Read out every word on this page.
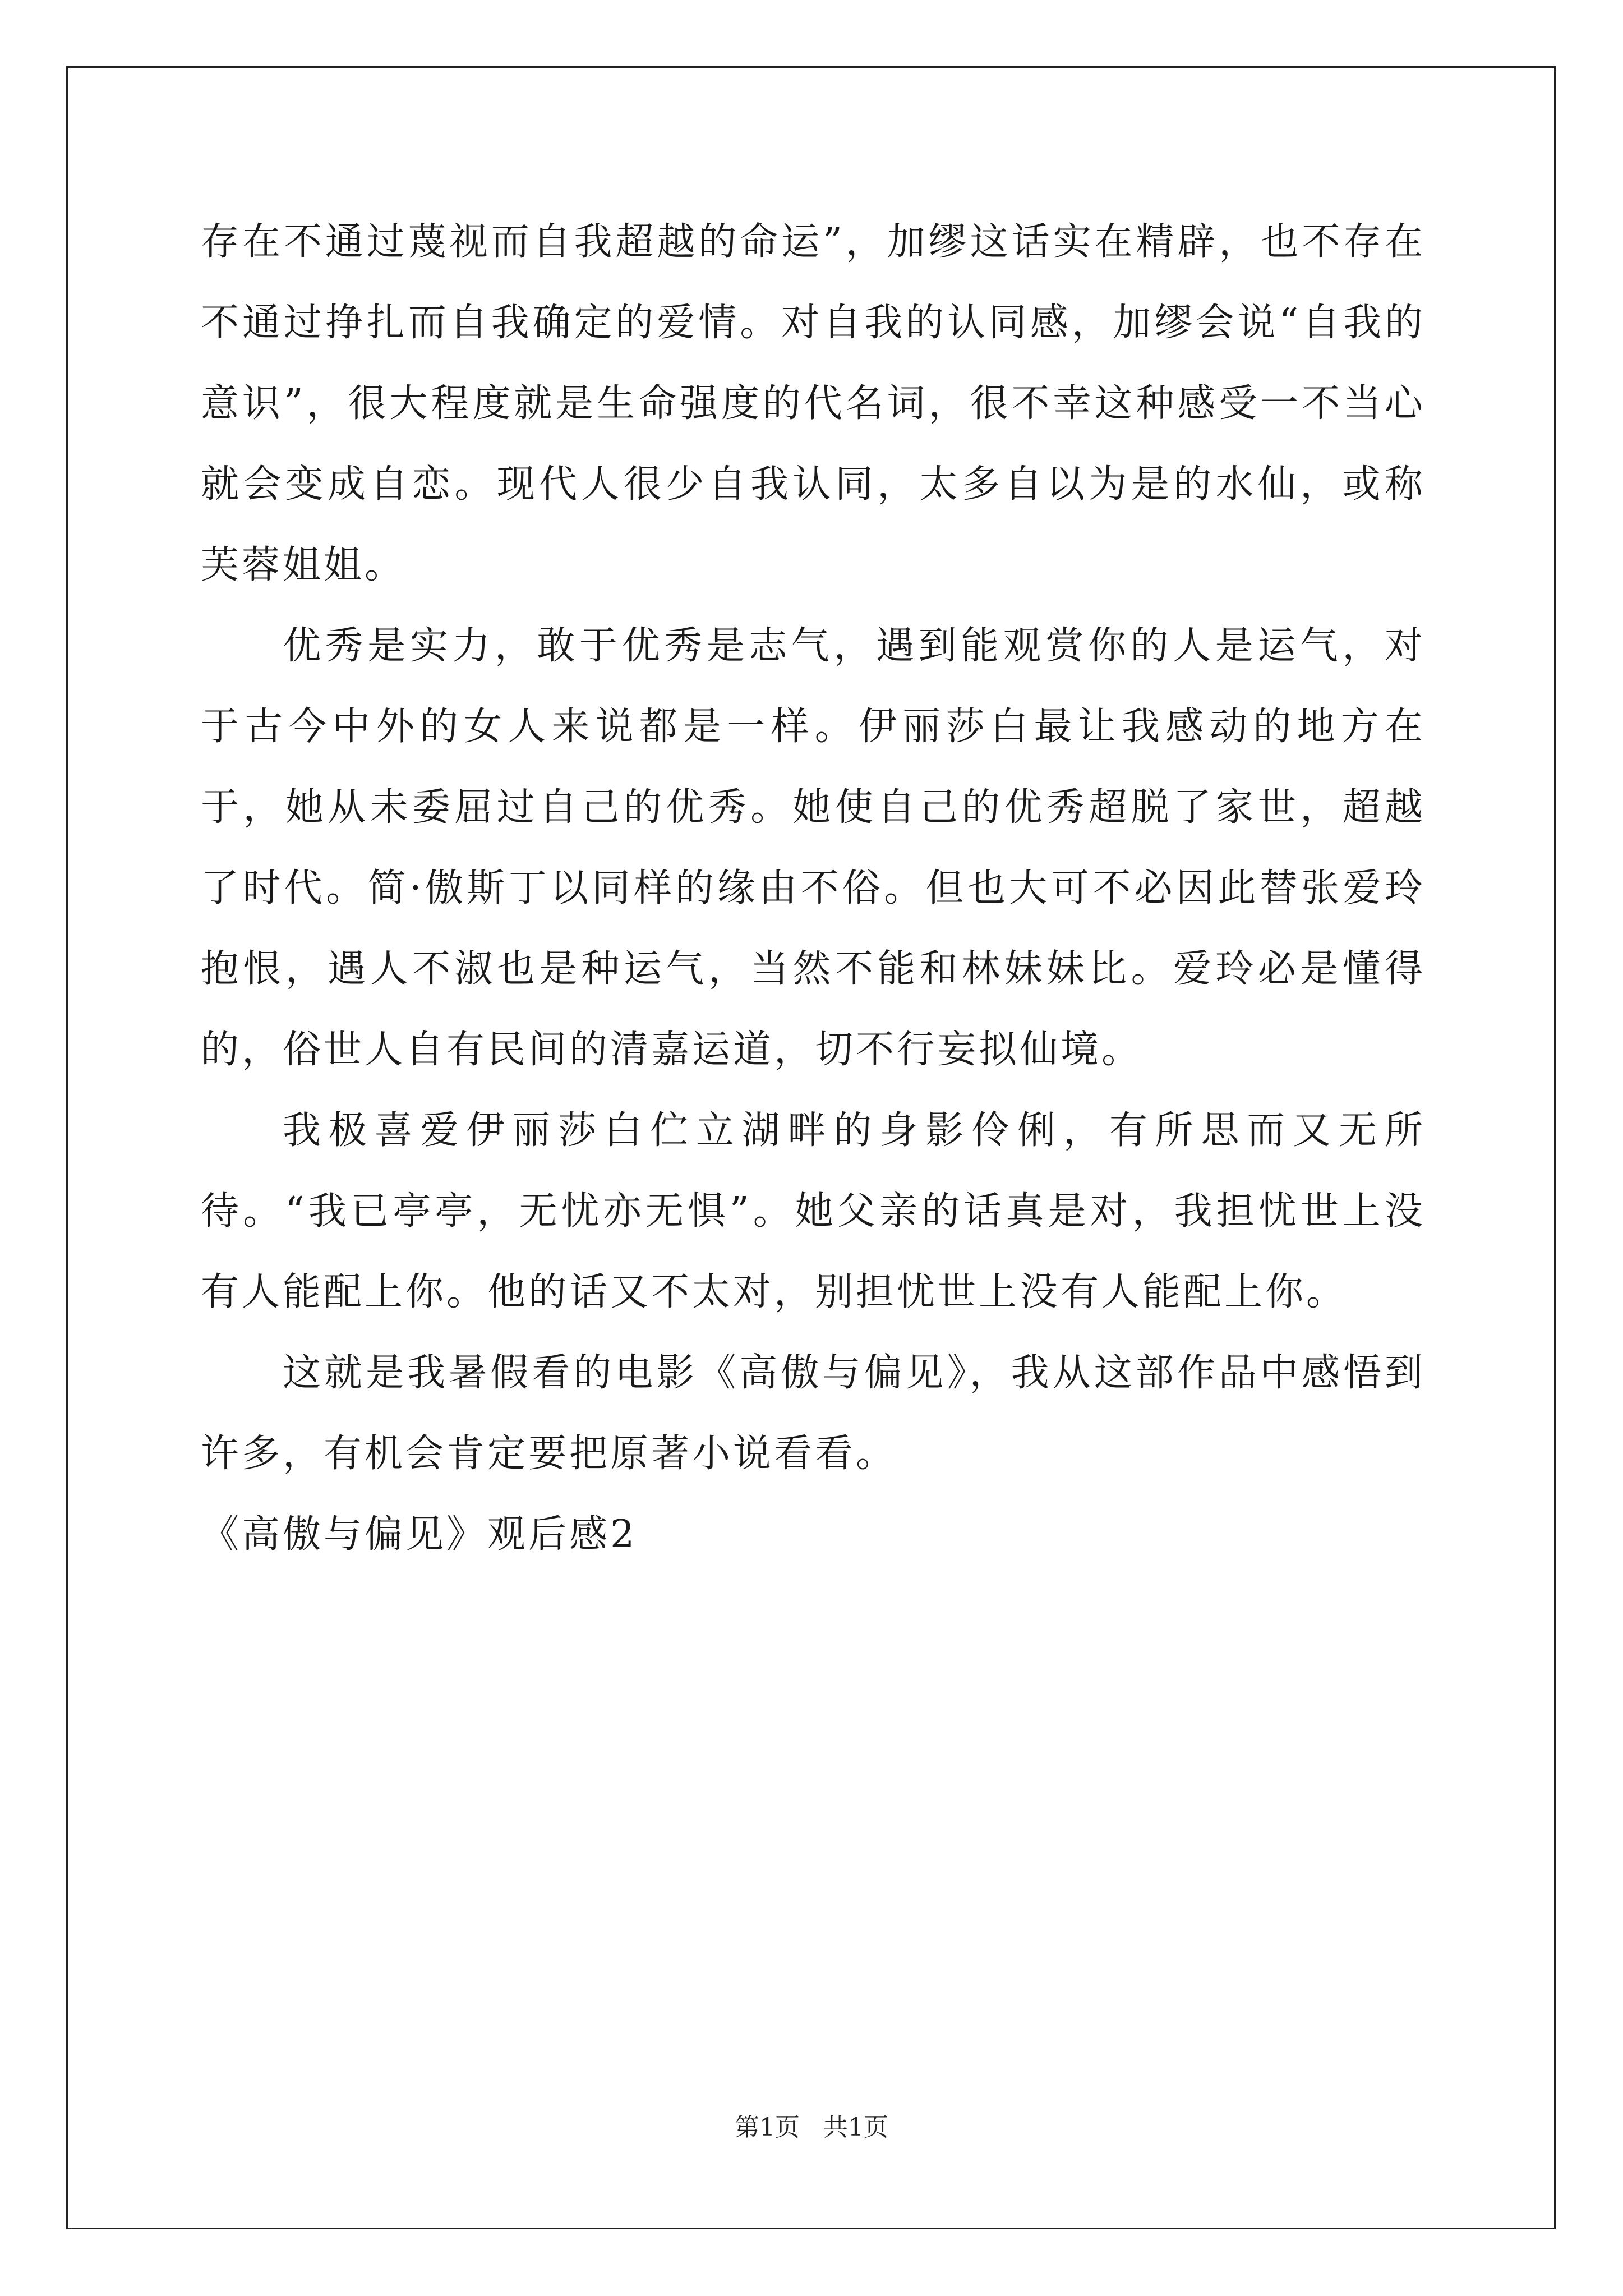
存在不通过蔑视而自我超越的命运”，加缪这话实在精辟，也不存在不通过挣扎而自我确定的爱情。对自我的认同感，加缪会说“自我的意识”，很大程度就是生命强度的代名词，很不幸这种感受一不当心就会变成自恋。现代人很少自我认同，太多自以为是的水仙，或称芙蓉姐姐。

优秀是实力，敢于优秀是志气，遇到能观赏你的人是运气，对于古今中外的女人来说都是一样。伊丽莎白最让我感动的地方在于，她从未委屈过自己的优秀。她使自己的优秀超脱了家世，超越了时代。简·傲斯丁以同样的缘由不俗。但也大可不必因此替张爱玲抱恨，遇人不淑也是种运气，当然不能和林妹妹比。爱玲必是懂得的，俗世人自有民间的清嘉运道，切不行妄拟仙境。

我极喜爱伊丽莎白伫立湖畔的身影伶俐，有所思而又无所待。“我已亭亭，无忧亦无惧”。她父亲的话真是对，我担忧世上没有人能配上你。他的话又不太对，别担忧世上没有人能配上你。

这就是我暑假看的电影《高傲与偏见》，我从这部作品中感悟到许多，有机会肯定要把原著小说看看。

《高傲与偏见》观后感2

第1页 共1页
